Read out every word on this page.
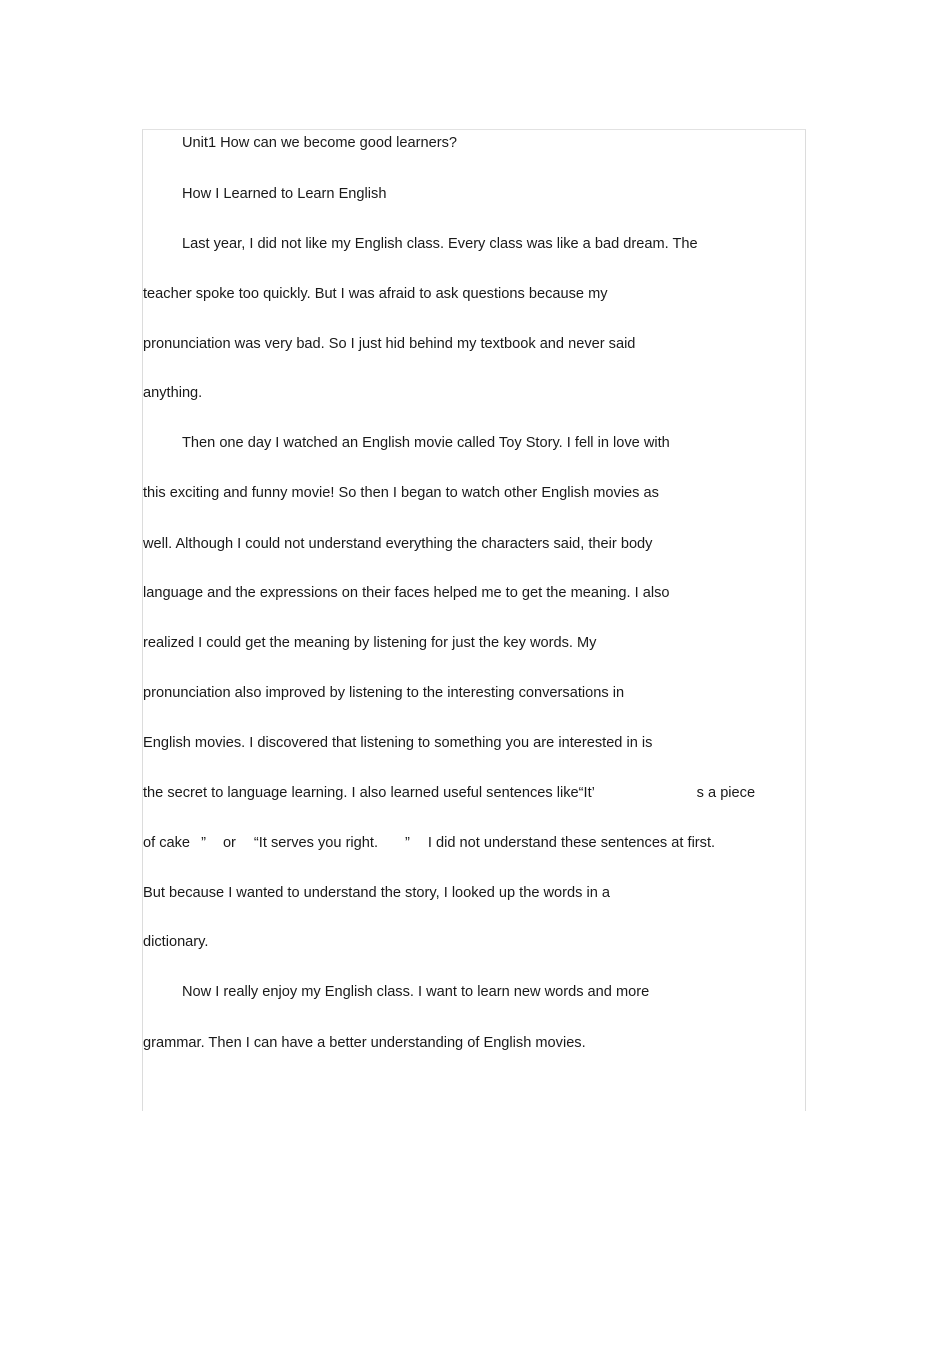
Unit1 How can we become good learners?

How I Learned to Learn English

Last year, I did not like my English class. Every class was like a bad dream. The

teacher spoke too quickly. But I was afraid to ask questions because my

pronunciation was very bad. So I just hid behind my textbook and never said

anything.

Then one day I watched an English movie called Toy Story. I fell in love with

this exciting and funny movie! So then I began to watch other English movies as

well. Although I could not understand everything the characters said, their body

language and the expressions on their faces helped me to get the meaning. I also

realized I could get the meaning by listening for just the key words. My

pronunciation also improved by listening to the interesting conversations in

English movies. I discovered that listening to something you are interested in is

the secret to language learning. I also learned useful sentences like“It’	s a piece

of cake ” or “It serves you right. ” I did not understand these sentences at first.

But because I wanted to understand the story, I looked up the words in a

dictionary.

Now I really enjoy my English class. I want to learn new words and more

grammar. Then I can have a better understanding of English movies.
